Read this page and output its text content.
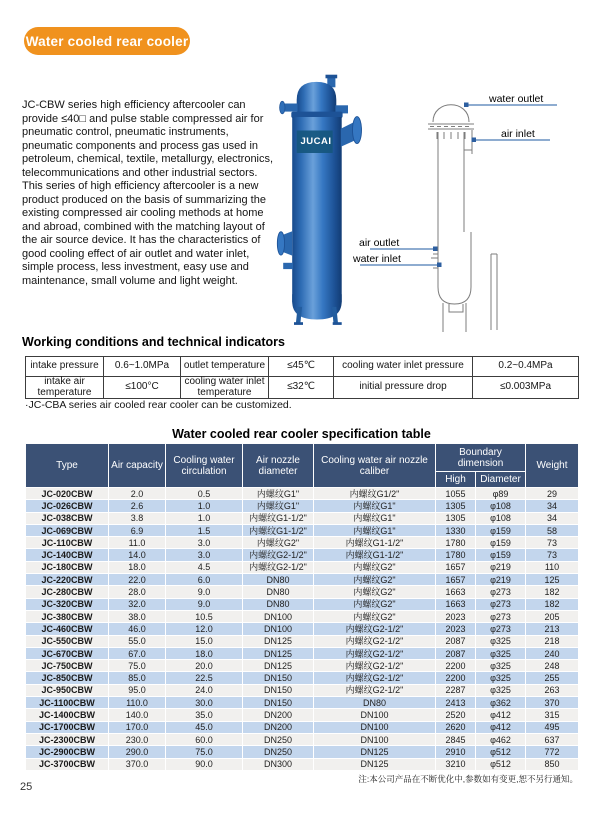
Water cooled rear cooler

JC-CBW series high efficiency aftercooler can provide ≤40□ and pulse stable compressed air for pneumatic control, pneumatic instruments, pneumatic components and process gas used in petroleum, chemical, textile, metallurgy, electronics, telecommunications and other industrial sectors. This series of high efficiency aftercooler is a new product produced on the basis of summarizing the existing compressed air cooling methods at home and abroad, combined with the matching layout of the air source device. It has the characteristics of good cooling effect of air outlet and water inlet, simple process, less investment, easy use and maintenance, small volume and light weight.

JUCAI
water outlet
air inlet
air outlet
water inlet
Working conditions and technical indicators
intake pressure	0.6~1.0MPa	outlet temperature	≤45℃	cooling water inlet pressure	0.2~0.4MPa
intake air temperature	≤100°C	cooling water inlet temperature	≤32℃	initial pressure drop	≤0.003MPa
·JC-CBA series air cooled rear cooler can be customized.
Water cooled rear cooler specification table
Type	Air capacity	Cooling water circulation	Air nozzle diameter	Cooling water air nozzle caliber	Boundary dimension		Weight
					High	Diameter	
JC-020CBW	2.0	0.5	内螺纹G1"	内螺纹G1/2"	1055	φ89	29
JC-026CBW	2.6	1.0	内螺纹G1"	内螺纹G1"	1305	φ108	34
JC-038CBW	3.8	1.0	内螺纹G1-1/2"	内螺纹G1"	1305	φ108	34
JC-069CBW	6.9	1.5	内螺纹G1-1/2"	内螺纹G1"	1330	φ159	58
JC-110CBW	11.0	3.0	内螺纹G2"	内螺纹G1-1/2"	1780	φ159	73
JC-140CBW	14.0	3.0	内螺纹G2-1/2"	内螺纹G1-1/2"	1780	φ159	73
JC-180CBW	18.0	4.5	内螺纹G2-1/2"	内螺纹G2"	1657	φ219	110
JC-220CBW	22.0	6.0	DN80	内螺纹G2"	1657	φ219	125
JC-280CBW	28.0	9.0	DN80	内螺纹G2"	1663	φ273	182
JC-320CBW	32.0	9.0	DN80	内螺纹G2"	1663	φ273	182
JC-380CBW	38.0	10.5	DN100	内螺纹G2"	2023	φ273	205
JC-460CBW	46.0	12.0	DN100	内螺纹G2-1/2"	2023	φ273	213
JC-550CBW	55.0	15.0	DN125	内螺纹G2-1/2"	2087	φ325	218
JC-670CBW	67.0	18.0	DN125	内螺纹G2-1/2"	2087	φ325	240
JC-750CBW	75.0	20.0	DN125	内螺纹G2-1/2"	2200	φ325	248
JC-850CBW	85.0	22.5	DN150	内螺纹G2-1/2"	2200	φ325	255
JC-950CBW	95.0	24.0	DN150	内螺纹G2-1/2"	2287	φ325	263
JC-1100CBW	110.0	30.0	DN150	DN80	2413	φ362	370
JC-1400CBW	140.0	35.0	DN200	DN100	2520	φ412	315
JC-1700CBW	170.0	45.0	DN200	DN100	2620	φ412	495
JC-2300CBW	230.0	60.0	DN250	DN100	2845	φ462	637
JC-2900CBW	290.0	75.0	DN250	DN125	2910	φ512	772
JC-3700CBW	370.0	90.0	DN300	DN125	3210	φ512	850
注:本公司产品在不断优化中,参数如有变更,恕不另行通知。
25
